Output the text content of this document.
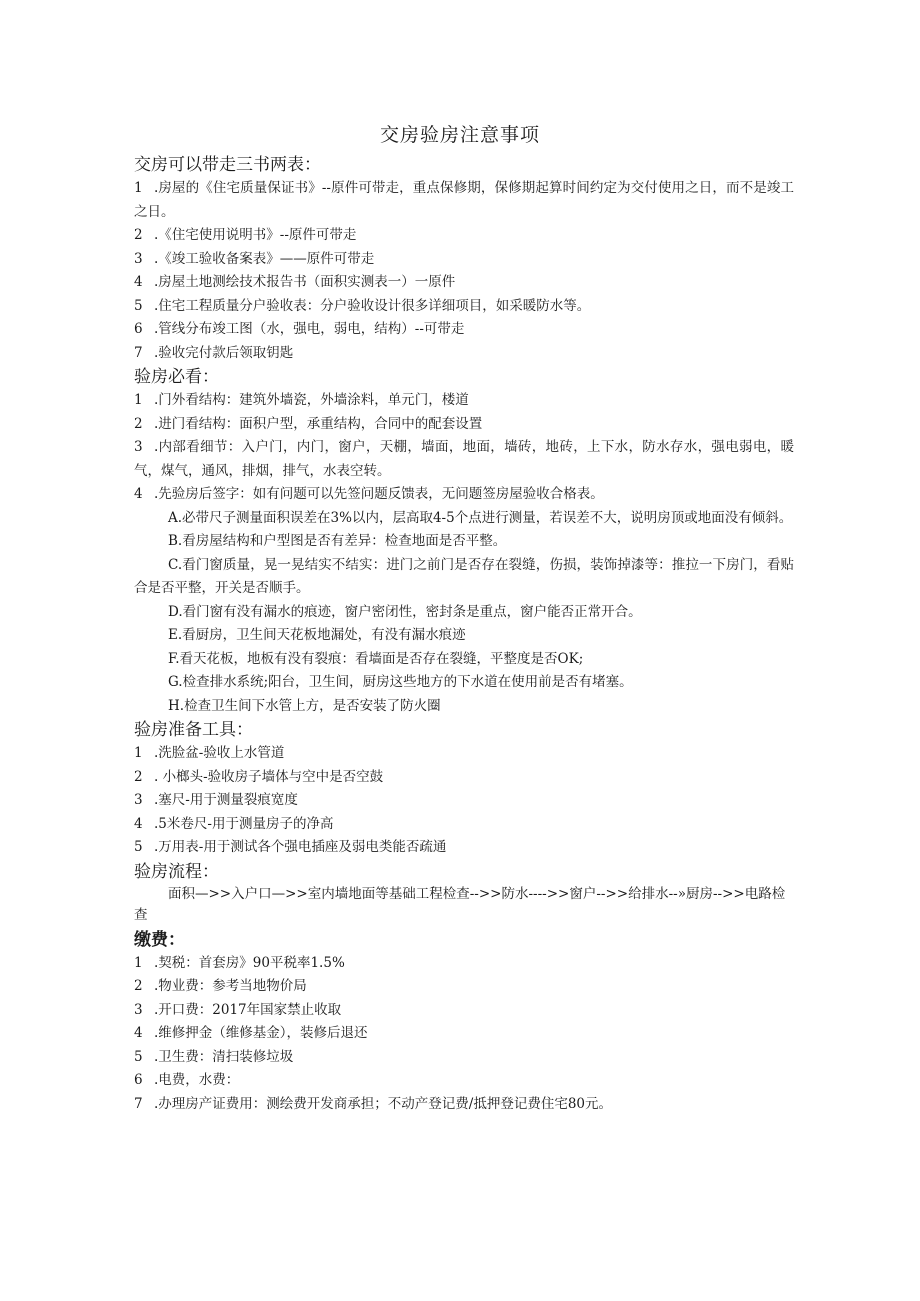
交房验房注意事项

交房可以带走三书两表：

1 .房屋的《住宅质量保证书》--原件可带走，重点保修期，保修期起算时间约定为交付使用之日，而不是竣工之日。

2 .《住宅使用说明书》--原件可带走

3 .《竣工验收备案表》——原件可带走

4 .房屋土地测绘技术报告书（面积实测表一）一原件

5 .住宅工程质量分户验收表：分户验收设计很多详细项目，如采暖防水等。

6 .管线分布竣工图（水，强电，弱电，结构）--可带走

7 .验收完付款后领取钥匙

验房必看：

1 .门外看结构：建筑外墙瓷，外墙涂料，单元门，楼道

2 .进门看结构：面积户型，承重结构，合同中的配套设置

3 .内部看细节：入户门，内门，窗户，天棚，墙面，地面，墙砖，地砖，上下水，防水存水，强电弱电，暖气，煤气，通风，排烟，排气，水表空转。

4 .先验房后签字：如有问题可以先签问题反馈表，无问题签房屋验收合格表。

A.必带尺子测量面积误差在3%以内，层高取4-5个点进行测量，若误差不大，说明房顶或地面没有倾斜。

B.看房屋结构和户型图是否有差异：检查地面是否平整。

C.看门窗质量，晃一晃结实不结实：进门之前门是否存在裂缝，伤损，装饰掉漆等：推拉一下房门，看贴合是否平整，开关是否顺手。

D.看门窗有没有漏水的痕迹，窗户密闭性，密封条是重点，窗户能否正常开合。

E.看厨房，卫生间天花板地漏处，有没有漏水痕迹

F.看天花板，地板有没有裂痕：看墙面是否存在裂缝，平整度是否OK;

G.检查排水系统;阳台，卫生间，厨房这些地方的下水道在使用前是否有堵塞。

H.检查卫生间下水管上方，是否安装了防火圈

验房准备工具：

1 .洗脸盆-验收上水管道

2 . 小榔头-验收房子墙体与空中是否空鼓

3 .塞尺-用于测量裂痕宽度

4 .5米卷尺-用于测量房子的净高

5 .万用表-用于测试各个强电插座及弱电类能否疏通

验房流程：

面积—>>入户口—>>室内墙地面等基础工程检查-->>防水---->>窗户-->>给排水--»厨房-->>电路检查

缴费：

1 .契税：首套房》90平税率1.5%

2 .物业费：参考当地物价局

3 .开口费：2017年国家禁止收取

4 .维修押金（维修基金），装修后退还

5 .卫生费：清扫装修垃圾

6 .电费，水费：

7 .办理房产证费用：测绘费开发商承担；不动产登记费/抵押登记费住宅80元。
